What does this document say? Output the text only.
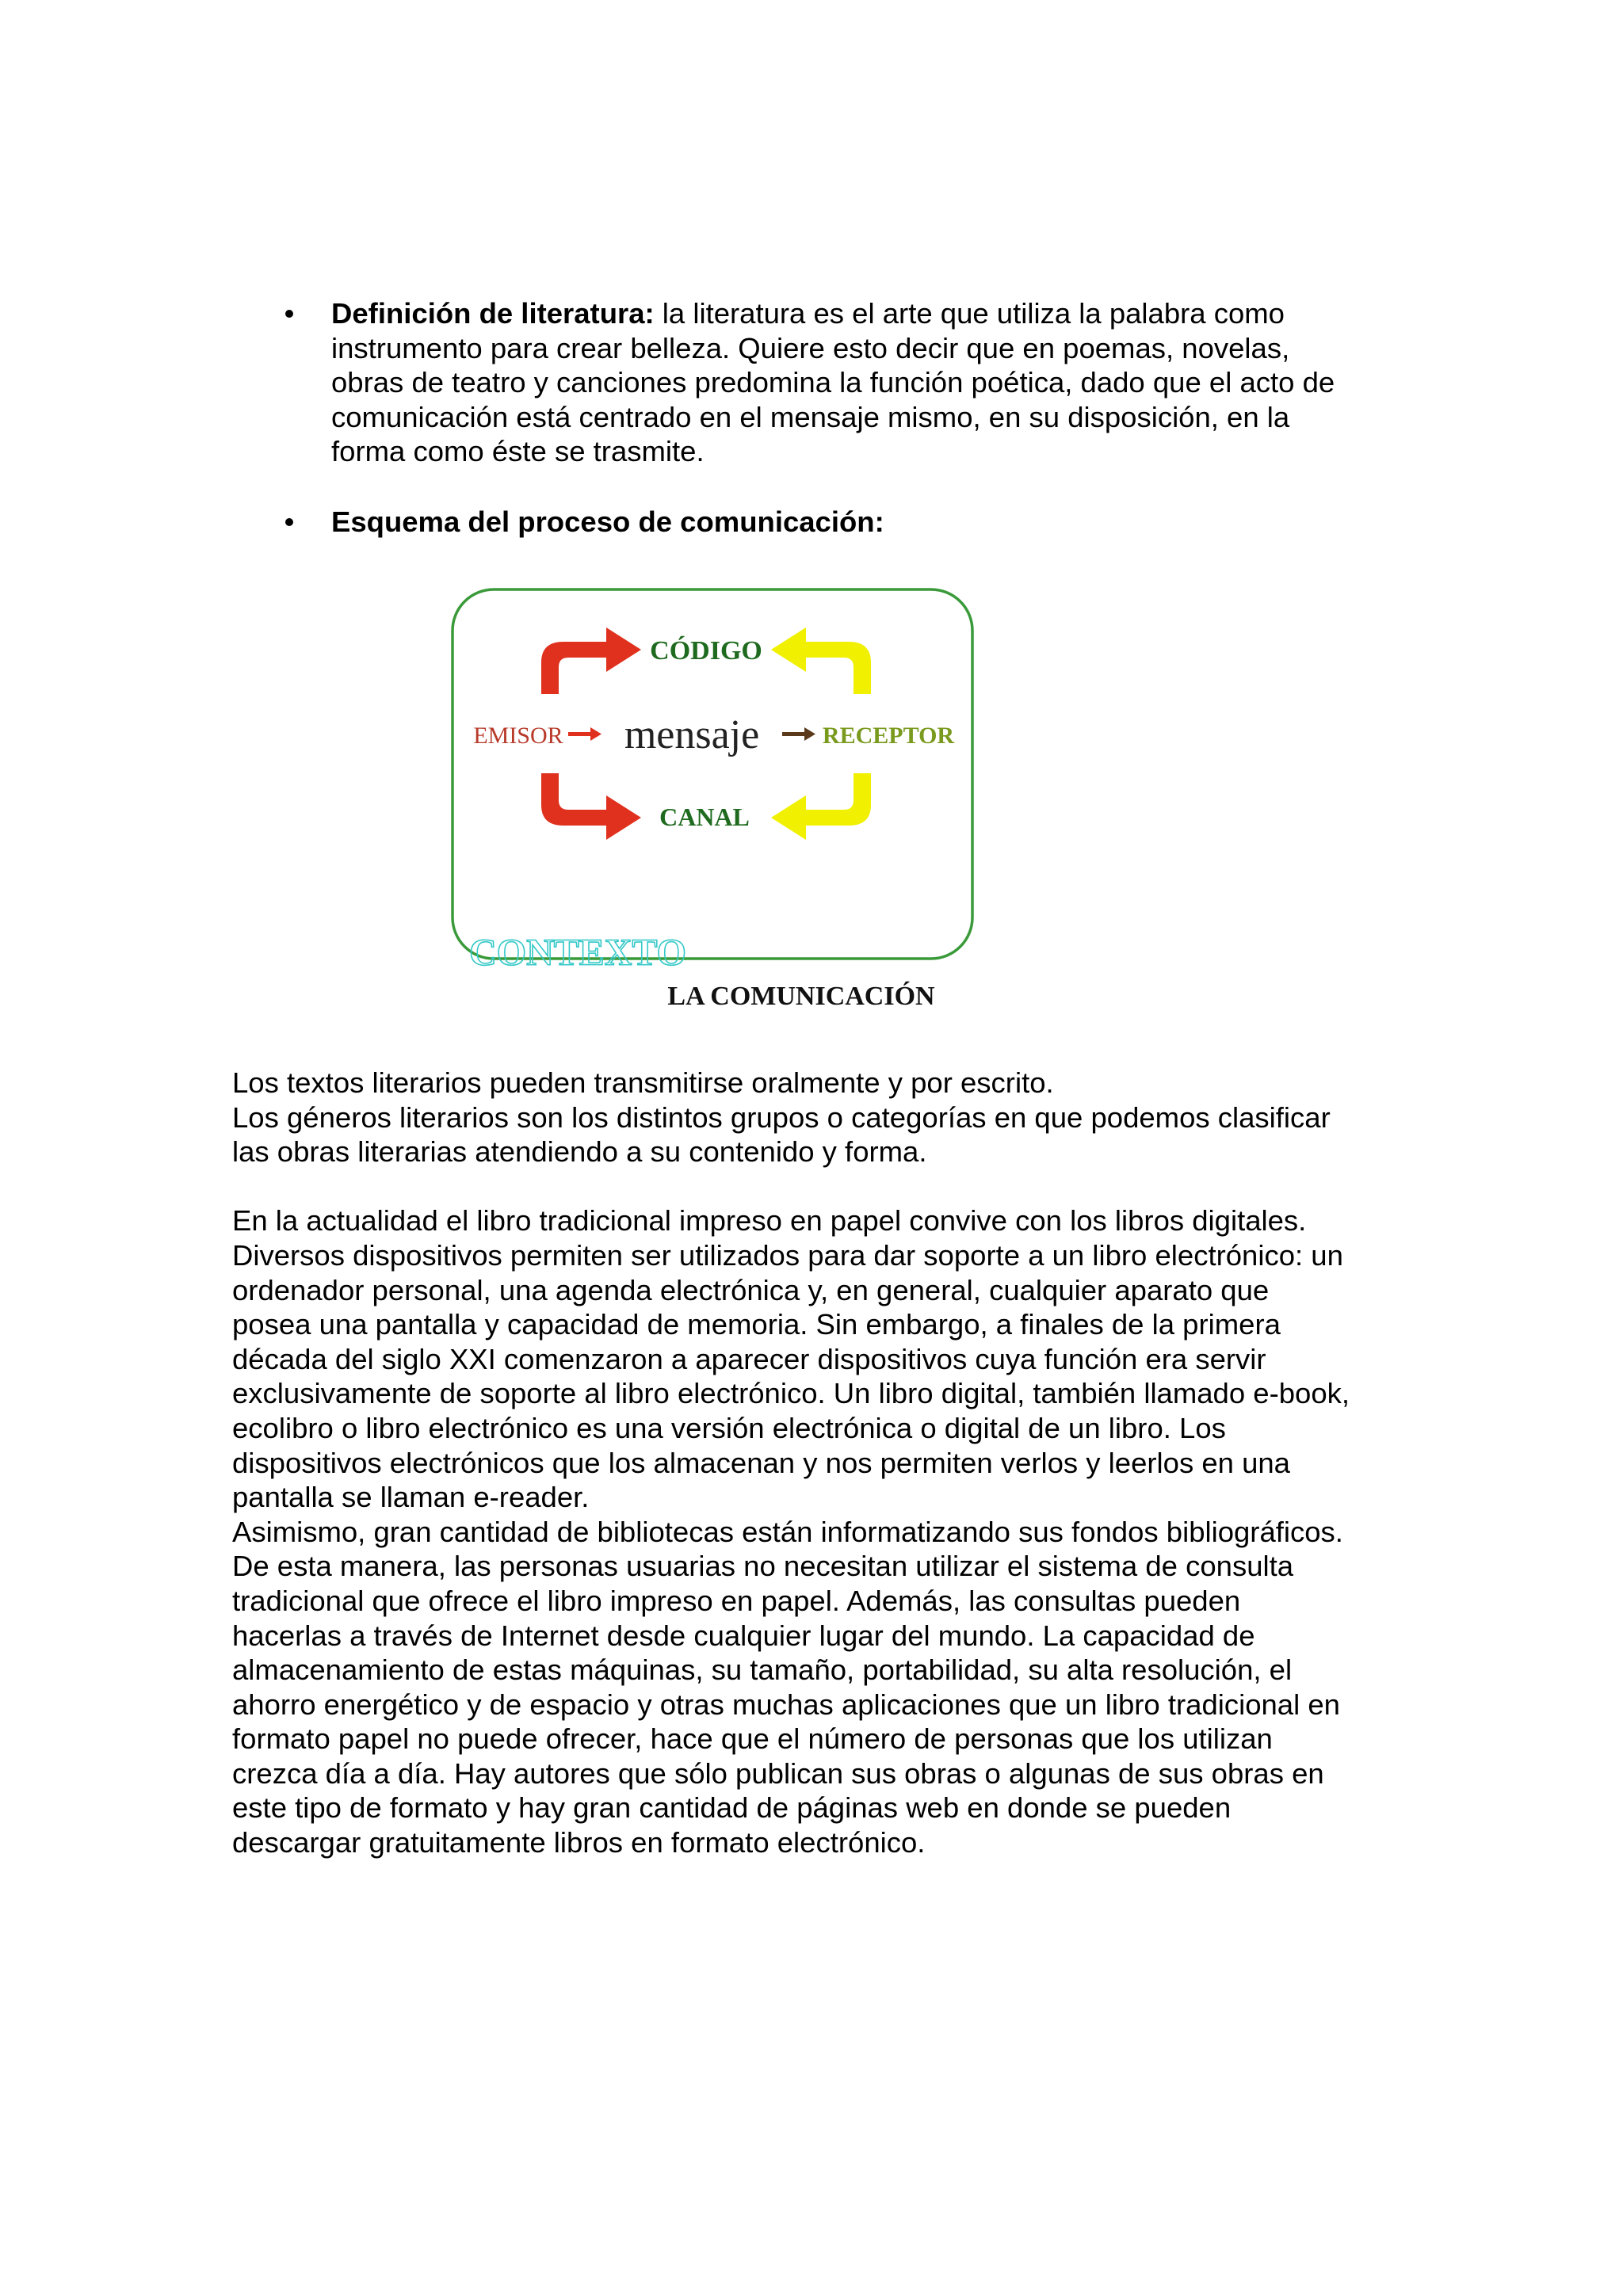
Definición de literatura: la literatura es el arte que utiliza la palabra como
instrumento para crear belleza. Quiere esto decir que en poemas, novelas,
obras de teatro y canciones predomina la función poética, dado que el acto de
comunicación está centrado en el mensaje mismo, en su disposición, en la
forma como éste se trasmite.
Esquema del proceso de comunicación:
CÓDIGO
EMISOR mensaje	RECEPTOR
CANAL
CONTEXTO
LA COMUNICACIÓN

Los textos literarios pueden transmitirse oralmente y por escrito.

Los géneros literarios son los distintos grupos o categorías en que podemos clasificar
las obras literarias atendiendo a su contenido y forma.

En la actualidad el libro tradicional impreso en papel convive con los libros digitales.
Diversos dispositivos permiten ser utilizados para dar soporte a un libro electrónico: un
ordenador personal, una agenda electrónica y, en general, cualquier aparato que
posea una pantalla y capacidad de memoria. Sin embargo, a finales de la primera
década del siglo XXI comenzaron a aparecer dispositivos cuya función era servir
exclusivamente de soporte al libro electrónico. Un libro digital, también llamado e-book,
ecolibro o libro electrónico es una versión electrónica o digital de un libro. Los
dispositivos electrónicos que los almacenan y nos permiten verlos y leerlos en una
pantalla se llaman e-reader.

Asimismo, gran cantidad de bibliotecas están informatizando sus fondos bibliográficos.
De esta manera, las personas usuarias no necesitan utilizar el sistema de consulta
tradicional que ofrece el libro impreso en papel. Además, las consultas pueden
hacerlas a través de Internet desde cualquier lugar del mundo. La capacidad de
almacenamiento de estas máquinas, su tamaño, portabilidad, su alta resolución, el
ahorro energético y de espacio y otras muchas aplicaciones que un libro tradicional en
formato papel no puede ofrecer, hace que el número de personas que los utilizan
crezca día a día. Hay autores que sólo publican sus obras o algunas de sus obras en
este tipo de formato y hay gran cantidad de páginas web en donde se pueden
descargar gratuitamente libros en formato electrónico.
